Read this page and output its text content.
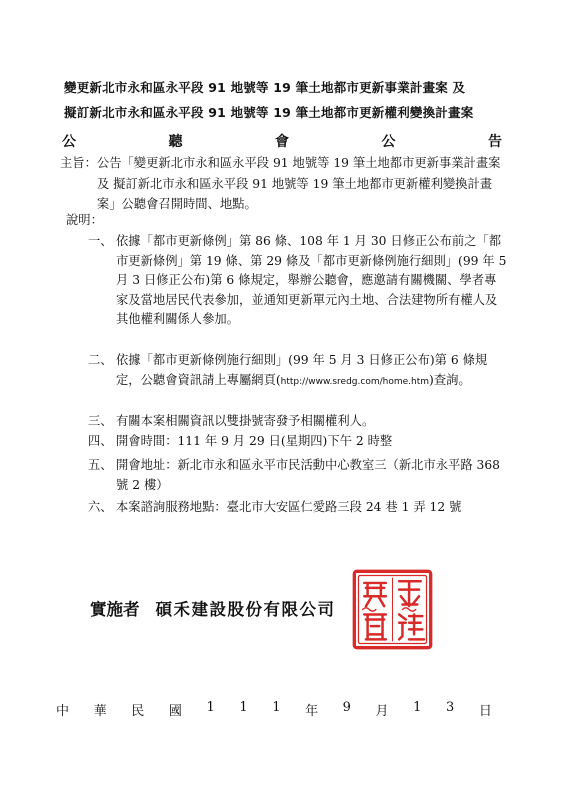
變更新北市永和區永平段 91 地號等 19 筆土地都市更新事業計畫案 及
擬訂新北市永和區永平段 91 地號等 19 筆土地都市更新權利變換計畫案
公	聽	會	公	告
主旨： 公告「變更新北市永和區永平段 91 地號等 19 筆土地都市更新事業計畫案 及 擬訂新北市永和區永平段 91 地號等 19 筆土地都市更新權利變換計畫案」公聽會召開時間、地點。
說明：
一、 依據「都市更新條例」第 86 條、108 年 1 月 30 日修正公布前之「都市更新條例」第 19 條、第 29 條及「都市更新條例施行細則」(99 年 5 月 3 日修正公布)第 6 條規定，舉辦公聽會，應邀請有關機關、學者專家及當地居民代表參加，並通知更新單元內土地、合法建物所有權人及其他權利關係人參加。
二、 依據「都市更新條例施行細則」(99 年 5 月 3 日修正公布)第 6 條規定，公聽會資訊請上專屬網頁(http://www.sredg.com/home.htm)查詢。
三、 有關本案相關資訊以雙掛號寄發予相關權利人。
四、 開會時間：111 年 9 月 29 日(星期四)下午 2 時整
五、 開會地址：新北市永和區永平市民活動中心教室三（新北市永平路 368 號 2 樓）
六、 本案諮詢服務地點：臺北市大安區仁愛路三段 24 巷 1 弄 12 號
實施者 碩禾建設股份有限公司
中 華 民 國 1 1 1 年 9 月 1 3 日
